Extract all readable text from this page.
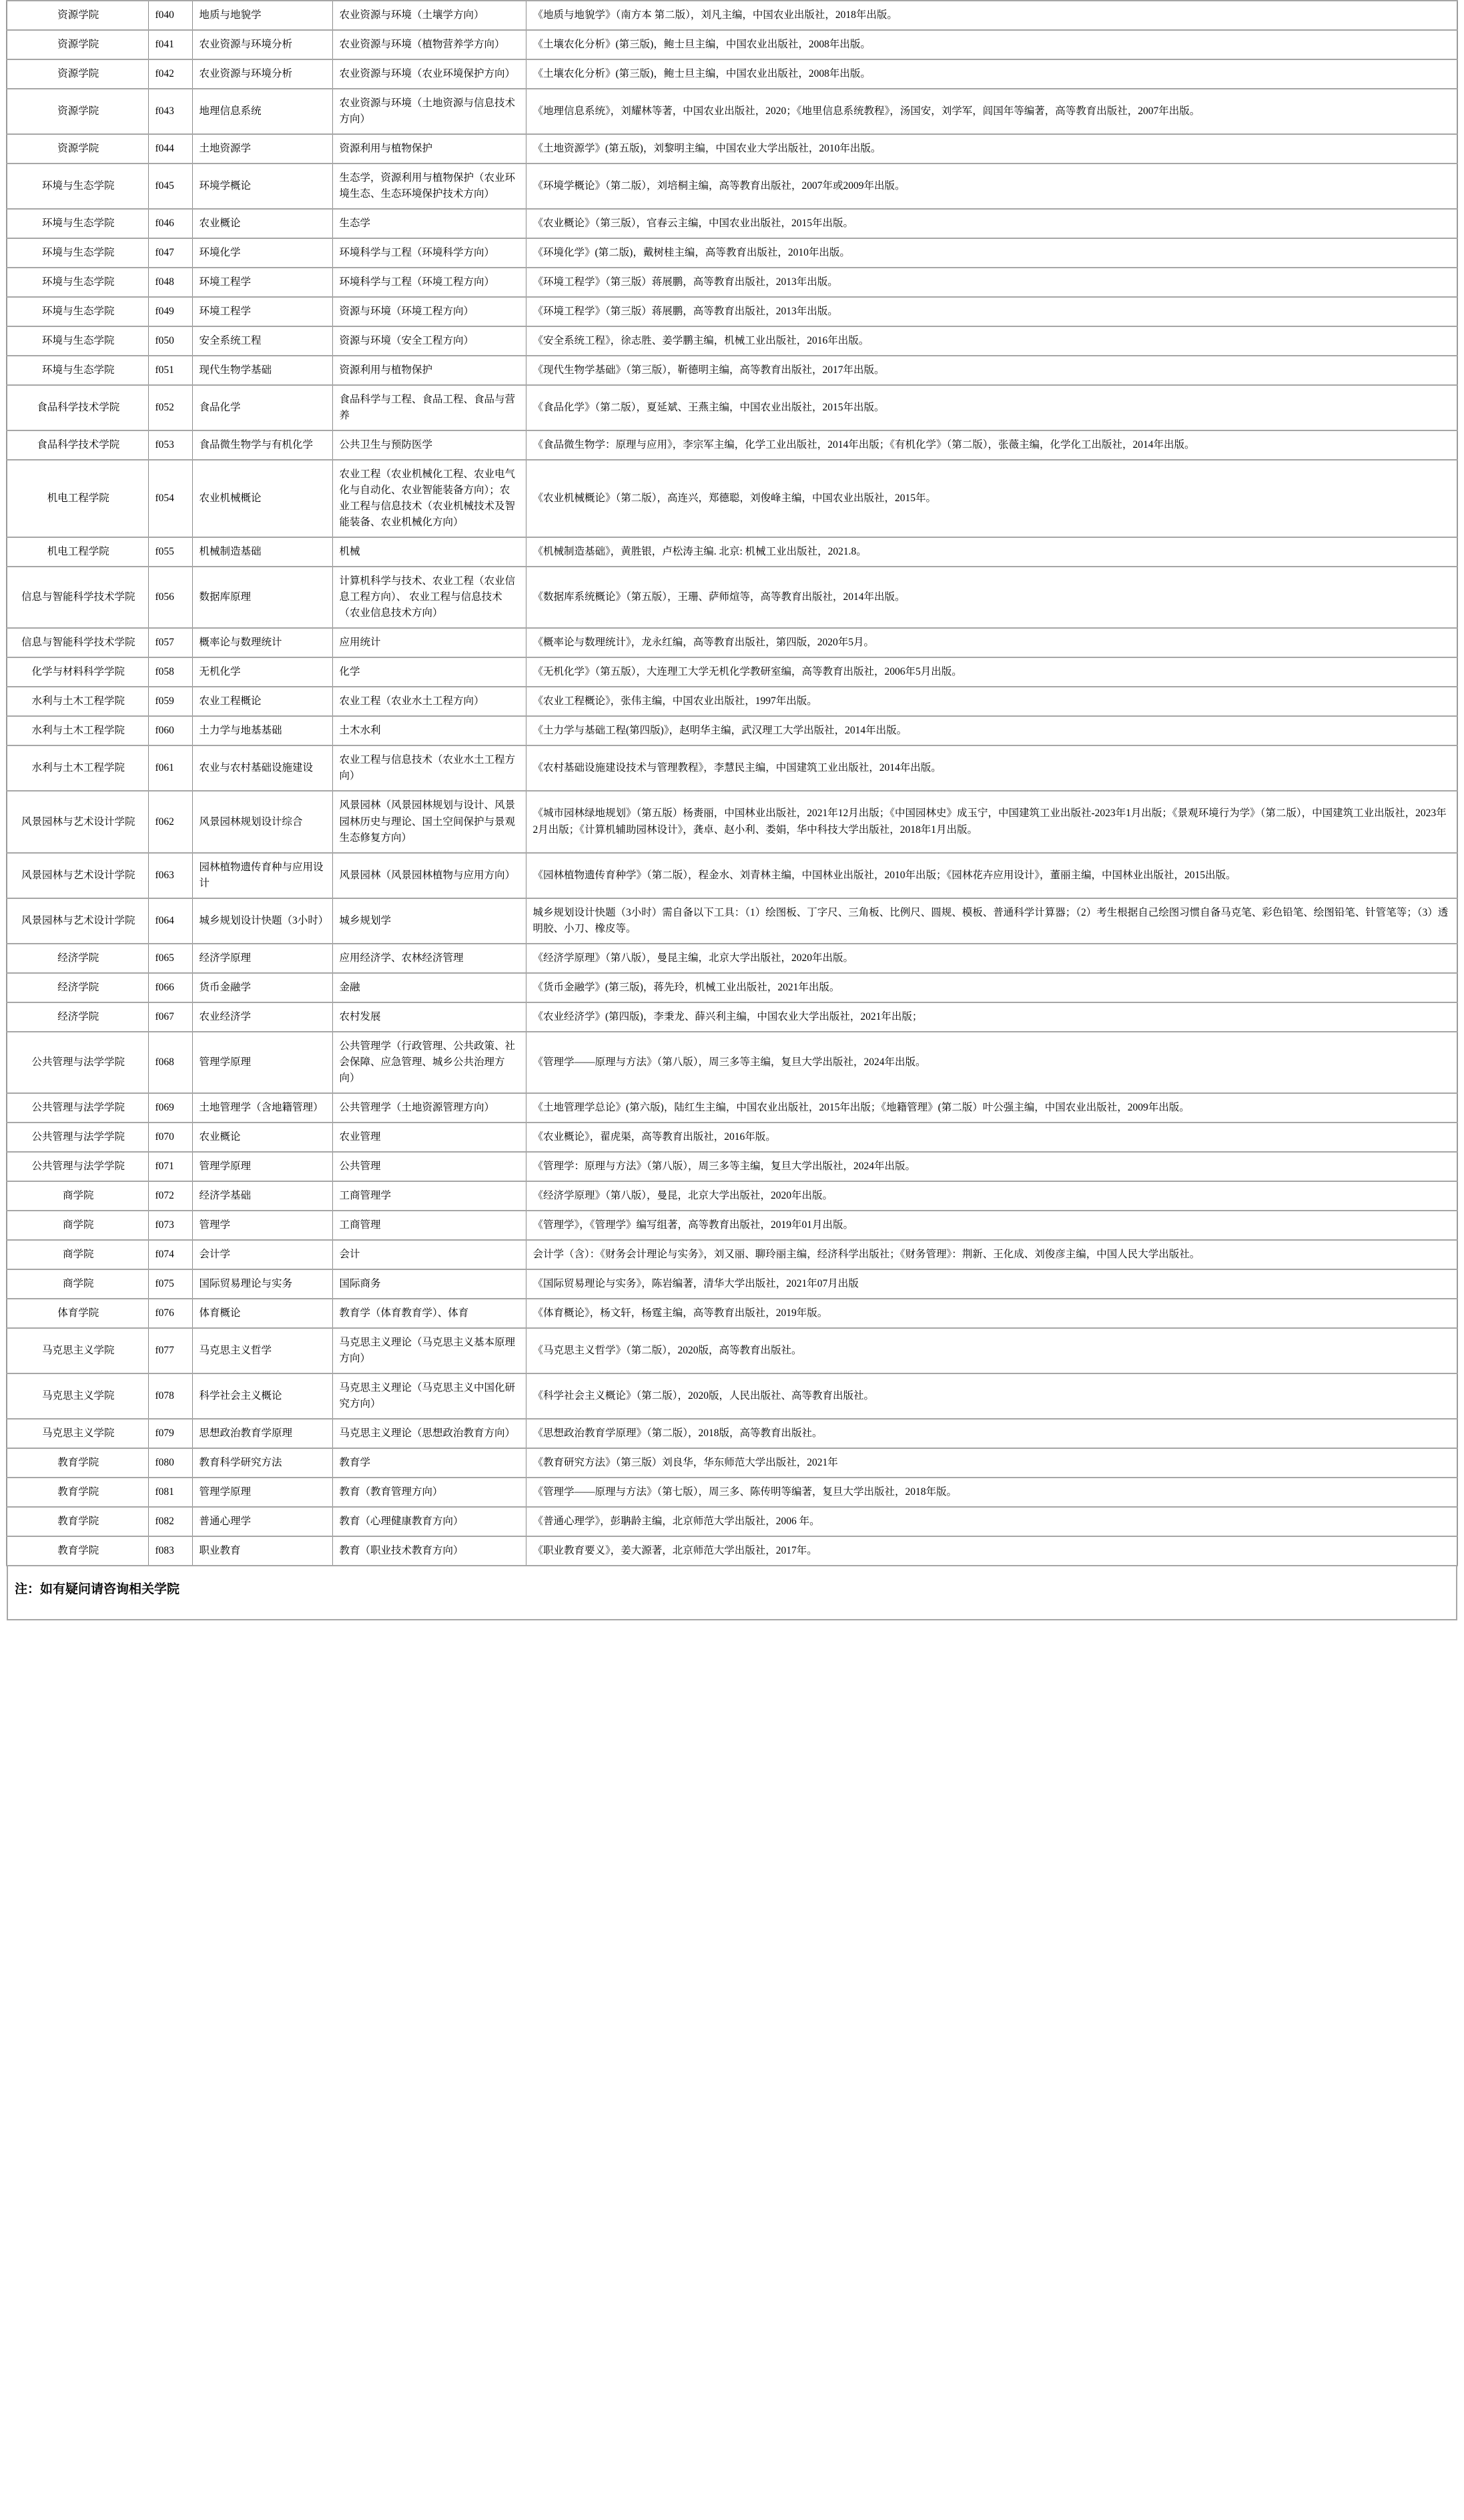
资源学院	f040	地质与地貌学	农业资源与环境（土壤学方向）	《地质与地貌学》（南方本 第二版），刘凡主编，中国农业出版社，2018年出版。
资源学院	f041	农业资源与环境分析	农业资源与环境（植物营养学方向）	《土壤农化分析》(第三版)，鲍士旦主编，中国农业出版社，2008年出版。
资源学院	f042	农业资源与环境分析	农业资源与环境（农业环境保护方向）	《土壤农化分析》(第三版)，鲍士旦主编，中国农业出版社，2008年出版。
资源学院	f043	地理信息系统	农业资源与环境（土地资源与信息技术方向）	《地理信息系统》，刘耀林等著，中国农业出版社，2020；《地里信息系统教程》，汤国安，刘学军，闾国年等编著，高等教育出版社，2007年出版。
资源学院	f044	土地资源学	资源利用与植物保护	《土地资源学》(第五版)，刘黎明主编，中国农业大学出版社，2010年出版。
环境与生态学院	f045	环境学概论	生态学，资源利用与植物保护（农业环境生态、生态环境保护技术方向）	《环境学概论》（第二版），刘培桐主编，高等教育出版社，2007年或2009年出版。
环境与生态学院	f046	农业概论	生态学	《农业概论》（第三版），官春云主编，中国农业出版社，2015年出版。
环境与生态学院	f047	环境化学	环境科学与工程（环境科学方向）	《环境化学》(第二版)，戴树桂主编，高等教育出版社，2010年出版。
环境与生态学院	f048	环境工程学	环境科学与工程（环境工程方向）	《环境工程学》（第三版）蒋展鹏，高等教育出版社，2013年出版。
环境与生态学院	f049	环境工程学	资源与环境（环境工程方向）	《环境工程学》（第三版）蒋展鹏，高等教育出版社，2013年出版。
环境与生态学院	f050	安全系统工程	资源与环境（安全工程方向）	《安全系统工程》，徐志胜、姜学鹏主编，机械工业出版社，2016年出版。
环境与生态学院	f051	现代生物学基础	资源利用与植物保护	《现代生物学基础》（第三版），靳德明主编，高等教育出版社，2017年出版。
食品科学技术学院	f052	食品化学	食品科学与工程、食品工程、食品与营养	《食品化学》（第二版），夏延斌、王燕主编，中国农业出版社，2015年出版。
食品科学技术学院	f053	食品微生物学与有机化学	公共卫生与预防医学	《食品微生物学：原理与应用》，李宗军主编，化学工业出版社，2014年出版；《有机化学》（第二版），张薇主编，化学化工出版社，2014年出版。
机电工程学院	f054	农业机械概论	农业工程（农业机械化工程、农业电气化与自动化、农业智能装备方向）；农业工程与信息技术（农业机械技术及智能装备、农业机械化方向）	《农业机械概论》（第二版），高连兴，郑德聪，刘俊峰主编，中国农业出版社，2015年。
机电工程学院	f055	机械制造基础	机械	《机械制造基础》，黄胜银，卢松涛主编. 北京: 机械工业出版社，2021.8。
信息与智能科学技术学院	f056	数据库原理	计算机科学与技术、农业工程（农业信息工程方向）、 农业工程与信息技术（农业信息技术方向）	《数据库系统概论》（第五版），王珊、萨师煊等，高等教育出版社，2014年出版。
信息与智能科学技术学院	f057	概率论与数理统计	应用统计	《概率论与数理统计》，龙永红编，高等教育出版社，第四版，2020年5月。
化学与材料科学学院	f058	无机化学	化学	《无机化学》（第五版），大连理工大学无机化学教研室编，高等教育出版社，2006年5月出版。
水利与土木工程学院	f059	农业工程概论	农业工程（农业水土工程方向）	《农业工程概论》，张伟主编，中国农业出版社，1997年出版。
水利与土木工程学院	f060	土力学与地基基础	土木水利	《土力学与基础工程(第四版)》，赵明华主编，武汉理工大学出版社，2014年出版。
水利与土木工程学院	f061	农业与农村基础设施建设	农业工程与信息技术（农业水土工程方向）	《农村基础设施建设技术与管理教程》，李慧民主编，中国建筑工业出版社，2014年出版。
风景园林与艺术设计学院	f062	风景园林规划设计综合	风景园林（风景园林规划与设计、风景园林历史与理论、国土空间保护与景观生态修复方向）	《城市园林绿地规划》（第五版）杨赉丽，中国林业出版社，2021年12月出版；《中国园林史》成玉宁，中国建筑工业出版社-2023年1月出版；《景观环境行为学》（第二版），中国建筑工业出版社，2023年2月出版；《计算机辅助园林设计》，龚卓、赵小利、娄娟，华中科技大学出版社，2018年1月出版。
风景园林与艺术设计学院	f063	园林植物遗传育种与应用设计	风景园林（风景园林植物与应用方向）	《园林植物遗传育种学》（第二版），程金水、刘青林主编，中国林业出版社，2010年出版；《园林花卉应用设计》，董丽主编，中国林业出版社，2015出版。
风景园林与艺术设计学院	f064	城乡规划设计快题（3小时）	城乡规划学	城乡规划设计快题（3小时）需自备以下工具：（1）绘图板、丁字尺、三角板、比例尺、圆规、模板、普通科学计算器；（2）考生根据自己绘图习惯自备马克笔、彩色铅笔、绘图铅笔、针管笔等；（3）透明胶、小刀、橡皮等。
经济学院	f065	经济学原理	应用经济学、农林经济管理	《经济学原理》（第八版），曼昆主编，北京大学出版社，2020年出版。
经济学院	f066	货币金融学	金融	《货币金融学》(第三版)，蒋先玲，机械工业出版社，2021年出版。
经济学院	f067	农业经济学	农村发展	《农业经济学》(第四版)，李秉龙、薛兴利主编，中国农业大学出版社，2021年出版；
公共管理与法学学院	f068	管理学原理	公共管理学（行政管理、公共政策、社会保障、应急管理、城乡公共治理方向）	《管理学——原理与方法》（第八版），周三多等主编，复旦大学出版社，2024年出版。
公共管理与法学学院	f069	土地管理学（含地籍管理）	公共管理学（土地资源管理方向）	《土地管理学总论》(第六版)，陆红生主编，中国农业出版社，2015年出版；《地籍管理》(第二版）叶公强主编，中国农业出版社，2009年出版。
公共管理与法学学院	f070	农业概论	农业管理	《农业概论》，翟虎渠，高等教育出版社，2016年版。
公共管理与法学学院	f071	管理学原理	公共管理	《管理学：原理与方法》（第八版），周三多等主编，复旦大学出版社，2024年出版。
商学院	f072	经济学基础	工商管理学	《经济学原理》（第八版），曼昆，北京大学出版社，2020年出版。
商学院	f073	管理学	工商管理	《管理学》，《管理学》编写组著，高等教育出版社，2019年01月出版。
商学院	f074	会计学	会计	会计学（含）：《财务会计理论与实务》，刘又丽、聊玲丽主编，经济科学出版社；《财务管理》：荆新、王化成、刘俊彦主编，中国人民大学出版社。
商学院	f075	国际贸易理论与实务	国际商务	《国际贸易理论与实务》，陈岩编著，清华大学出版社，2021年07月出版
体育学院	f076	体育概论	教育学（体育教育学）、体育	《体育概论》，杨文轩，杨霆主编，高等教育出版社，2019年版。
马克思主义学院	f077	马克思主义哲学	马克思主义理论（马克思主义基本原理方向）	《马克思主义哲学》（第二版），2020版，高等教育出版社。
马克思主义学院	f078	科学社会主义概论	马克思主义理论（马克思主义中国化研究方向）	《科学社会主义概论》（第二版），2020版，人民出版社、高等教育出版社。
马克思主义学院	f079	思想政治教育学原理	马克思主义理论（思想政治教育方向）	《思想政治教育学原理》（第二版），2018版，高等教育出版社。
教育学院	f080	教育科学研究方法	教育学	《教育研究方法》（第三版）刘良华，华东师范大学出版社，2021年
教育学院	f081	管理学原理	教育（教育管理方向）	《管理学——原理与方法》（第七版），周三多、陈传明等编著，复旦大学出版社，2018年版。
教育学院	f082	普通心理学	教育（心理健康教育方向）	《普通心理学》，彭聃龄主编，北京师范大学出版社，2006 年。
教育学院	f083	职业教育	教育（职业技术教育方向）	《职业教育要义》，姜大源著，北京师范大学出版社，2017年。
注：如有疑问请咨询相关学院
